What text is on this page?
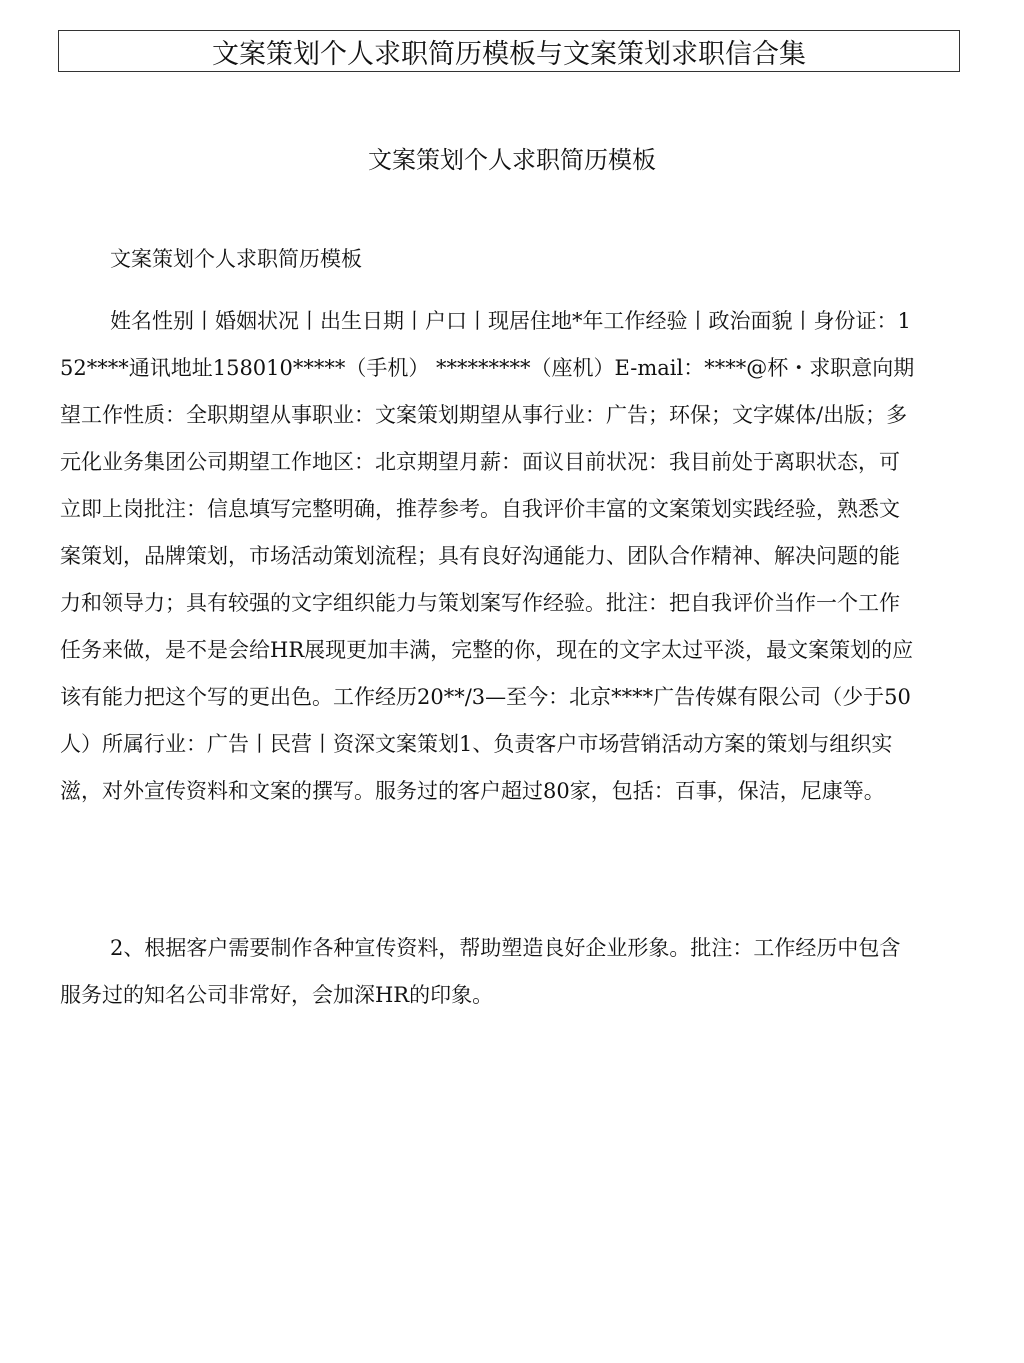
文案策划个人求职简历模板与文案策划求职信合集
文案策划个人求职简历模板

文案策划个人求职简历模板

姓名性别丨婚姻状况丨出生日期丨户口丨现居住地*年工作经验丨政治面貌丨身份证：152****通讯地址158010*****（手机） *********（座机）E-mail：****@杯・求职意向期望工作性质：全职期望从事职业：文案策划期望从事行业：广告；环保；文字媒体/出版；多元化业务集团公司期望工作地区：北京期望月薪：面议目前状况：我目前处于离职状态，可立即上岗批注：信息填写完整明确，推荐参考。自我评价丰富的文案策划实践经验，熟悉文案策划，品牌策划，市场活动策划流程；具有良好沟通能力、团队合作精神、解决问题的能力和领导力；具有较强的文字组织能力与策划案写作经验。批注：把自我评价当作一个工作任务来做，是不是会给HR展现更加丰满，完整的你，现在的文字太过平淡，最文案策划的应该有能力把这个写的更出色。工作经历20**/3—至今：北京****广告传媒有限公司（少于50人）所属行业：广告丨民营丨资深文案策划1、负责客户市场营销活动方案的策划与组织实滋，对外宣传资料和文案的撰写。服务过的客户超过80家，包括：百事，保洁，尼康等。

2、根据客户需要制作各种宣传资料，帮助塑造良好企业形象。批注：工作经历中包含服务过的知名公司非常好，会加深HR的印象。
